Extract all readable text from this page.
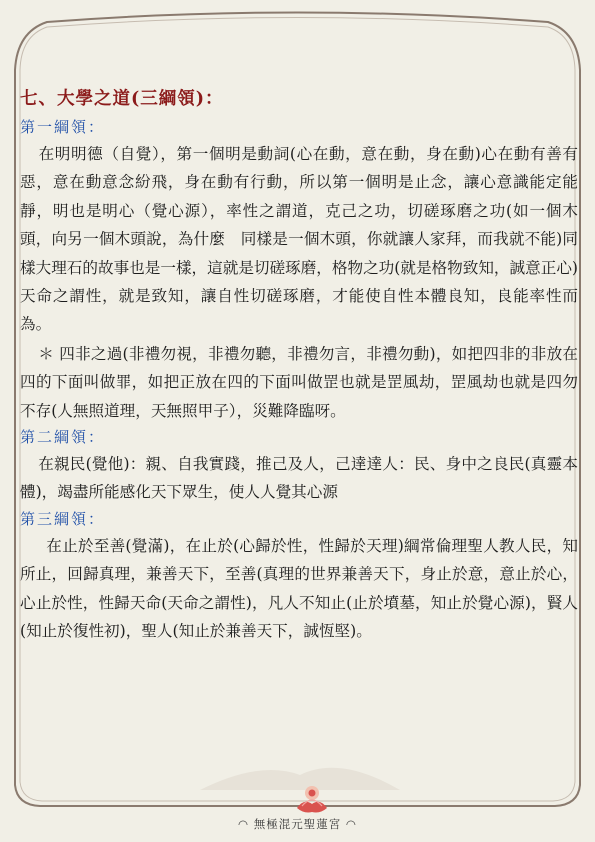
七、大學之道(三綱領)：
第一綱領：

在明明德（自覺），第一個明是動詞(心在動，意在動，身在動)心在動有善有惡，意在動意念紛飛，身在動有行動，所以第一個明是止念，讓心意識能定能靜，明也是明心（覺心源），率性之謂道，克己之功，切磋琢磨之功(如一個木頭，向另一個木頭說，為什麼　同樣是一個木頭，你就讓人家拜，而我就不能)同樣大理石的故事也是一樣，這就是切磋琢磨，格物之功(就是格物致知，誠意正心)天命之謂性，就是致知，讓自性切磋琢磨，才能使自性本體良知，良能率性而為。

＊ 四非之過(非禮勿視，非禮勿聽，非禮勿言，非禮勿動)，如把四非的非放在四的下面叫做罪，如把正放在四的下面叫做罡也就是罡風劫，罡風劫也就是四勿不存(人無照道理，天無照甲子），災難降臨呀。

第二綱領：

在親民(覺他)：親、自我實踐，推己及人，己達達人：民、身中之良民(真靈本體)，竭盡所能感化天下眾生，使人人覺其心源

第三綱領：

在止於至善(覺滿)，在止於(心歸於性，性歸於天理)綱常倫理聖人教人民，知所止，回歸真理，兼善天下，至善(真理的世界兼善天下，身止於意，意止於心，心止於性，性歸天命(天命之謂性)，凡人不知止(止於墳墓，知止於覺心源)，賢人(知止於復性初)，聖人(知止於兼善天下，誠恆堅)。

◠ 無極混元聖蓮宮 ◠
